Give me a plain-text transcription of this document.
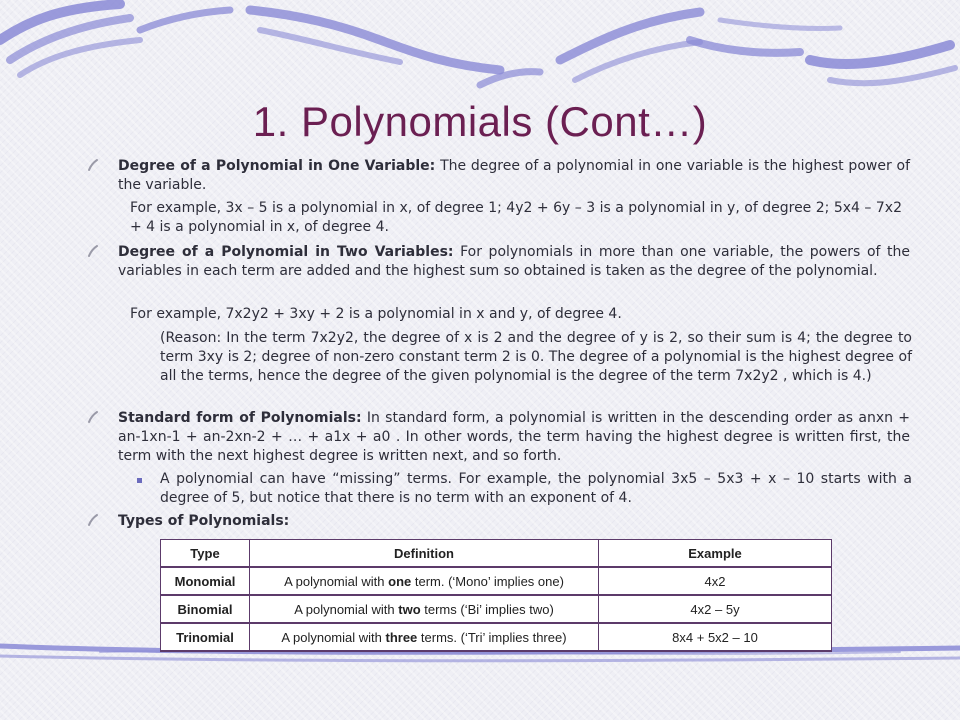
1. Polynomials (Cont…)
Degree of a Polynomial in One Variable: The degree of a polynomial in one variable is the highest power of the variable.
For example, 3x – 5 is a polynomial in x, of degree 1; 4y2 + 6y – 3 is a polynomial in y, of degree 2; 5x4 – 7x2 + 4 is a polynomial in x, of degree 4.
Degree of a Polynomial in Two Variables: For polynomials in more than one variable, the powers of the variables in each term are added and the highest sum so obtained is taken as the degree of the polynomial.
For example, 7x2y2 + 3xy + 2 is a polynomial in x and y, of degree 4.
(Reason: In the term 7x2y2, the degree of x is 2 and the degree of y is 2, so their sum is 4; the degree to term 3xy is 2; degree of non-zero constant term 2 is 0. The degree of a polynomial is the highest degree of all the terms, hence the degree of the given polynomial is the degree of the term 7x2y2 , which is 4.)
Standard form of Polynomials: In standard form, a polynomial is written in the descending order as anxn + an-1xn-1 + an-2xn-2 + … + a1x + a0 . In other words, the term having the highest degree is written first, the term with the next highest degree is written next, and so forth.
A polynomial can have “missing” terms. For example, the polynomial 3x5 – 5x3 + x – 10 starts with a degree of 5, but notice that there is no term with an exponent of 4.
Types of Polynomials:
Type	Definition	Example
Monomial	A polynomial with one term. (‘Mono’ implies one)	4x2
Binomial	A polynomial with two terms (‘Bi’ implies two)	4x2 – 5y
Trinomial	A polynomial with three terms. (‘Tri’ implies three)	8x4 + 5x2 – 10
